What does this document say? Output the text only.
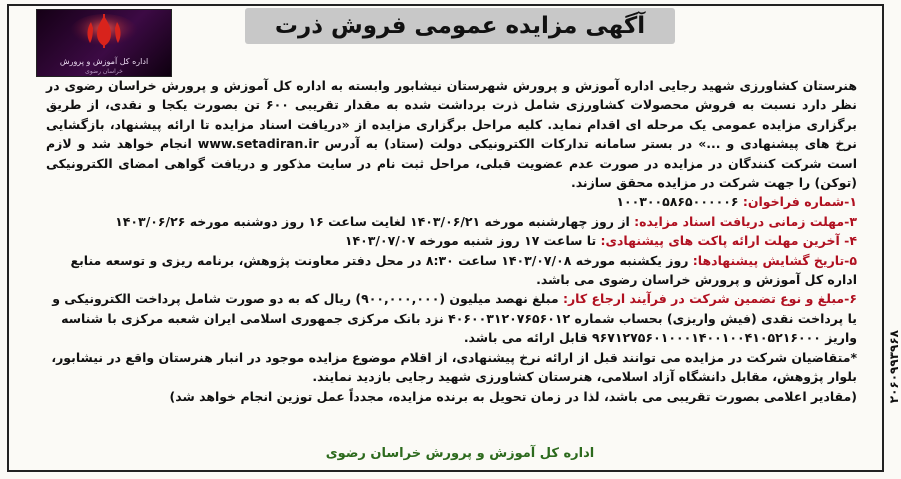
۲۰۶۰۹۹۳۹۶۸
آگهی مزایده عمومی فروش ذرت
اداره کل آموزش و پرورش
خراسان رضوی

هنرستان کشاورزی شهید رجایی اداره آموزش و پرورش شهرستان نیشابور وابسته به اداره کل آموزش و پرورش خراسان رضوی در نظر دارد نسبت به فروش محصولات کشاورزی شامل ذرت برداشت شده به مقدار تقریبی ۶۰۰ تن بصورت یکجا و نقدی، از طریق برگزاری مزایده عمومی یک مرحله ای اقدام نماید. کلیه مراحل برگزاری مزایده از «دریافت اسناد مزایده تا ارائه پیشنهاد، بازگشایی نرخ های پیشنهادی و ...» در بستر سامانه تدارکات الکترونیکی دولت (ستاد) به آدرس www.setadiran.ir انجام خواهد شد و لازم است شرکت کنندگان در مزایده در صورت عدم عضویت قبلی، مراحل ثبت نام در سایت مذکور و دریافت گواهی امضای الکترونیکی (توکن) را جهت شرکت در مزایده محقق سازند.

۱-شماره فراخوان: ۱۰۰۳۰۰۵۸۶۵۰۰۰۰۰۶

۳-مهلت زمانی دریافت اسناد مزایده: از روز چهارشنبه مورخه ۱۴۰۳/۰۶/۲۱ لغایت ساعت ۱۶ روز دوشنبه مورخه ۱۴۰۳/۰۶/۲۶

۴- آخرین مهلت ارائه پاکت های پیشنهادی: تا ساعت ۱۷ روز شنبه مورخه ۱۴۰۳/۰۷/۰۷

۵-تاریخ گشایش پیشنهادها: روز یکشنبه مورخه ۱۴۰۳/۰۷/۰۸ ساعت ۸:۳۰ در محل دفتر معاونت پژوهش، برنامه ریزی و توسعه منابع اداره کل آموزش و پرورش خراسان رضوی می باشد.

۶-مبلغ و نوع تضمین شرکت در فرآیند ارجاع کار: مبلغ نهصد میلیون (۹۰۰,۰۰۰,۰۰۰) ریال که به دو صورت شامل پرداخت الکترونیکی و یا پرداخت نقدی (فیش واریزی) بحساب شماره ۴۰۶۰۰۳۱۲۰۷۶۵۶۰۱۲ نزد بانک مرکزی جمهوری اسلامی ایران شعبه مرکزی با شناسه واریز ۹۶۷۱۲۷۵۶۰۱۰۰۰۱۴۰۰۱۰۰۴۱۰۵۲۱۶۰۰۰ قابل ارائه می باشد.

*متقاضیان شرکت در مزایده می توانند قبل از ارائه نرخ پیشنهادی، از اقلام موضوع مزایده موجود در انبار هنرستان واقع در نیشابور، بلوار پژوهش، مقابل دانشگاه آزاد اسلامی، هنرستان کشاورزی شهید رجایی بازدید نمایند.

(مقادیر اعلامی بصورت تقریبی می باشد، لذا در زمان تحویل به برنده مزایده، مجدداً عمل توزین انجام خواهد شد)

اداره کل آموزش و پرورش خراسان رضوی
